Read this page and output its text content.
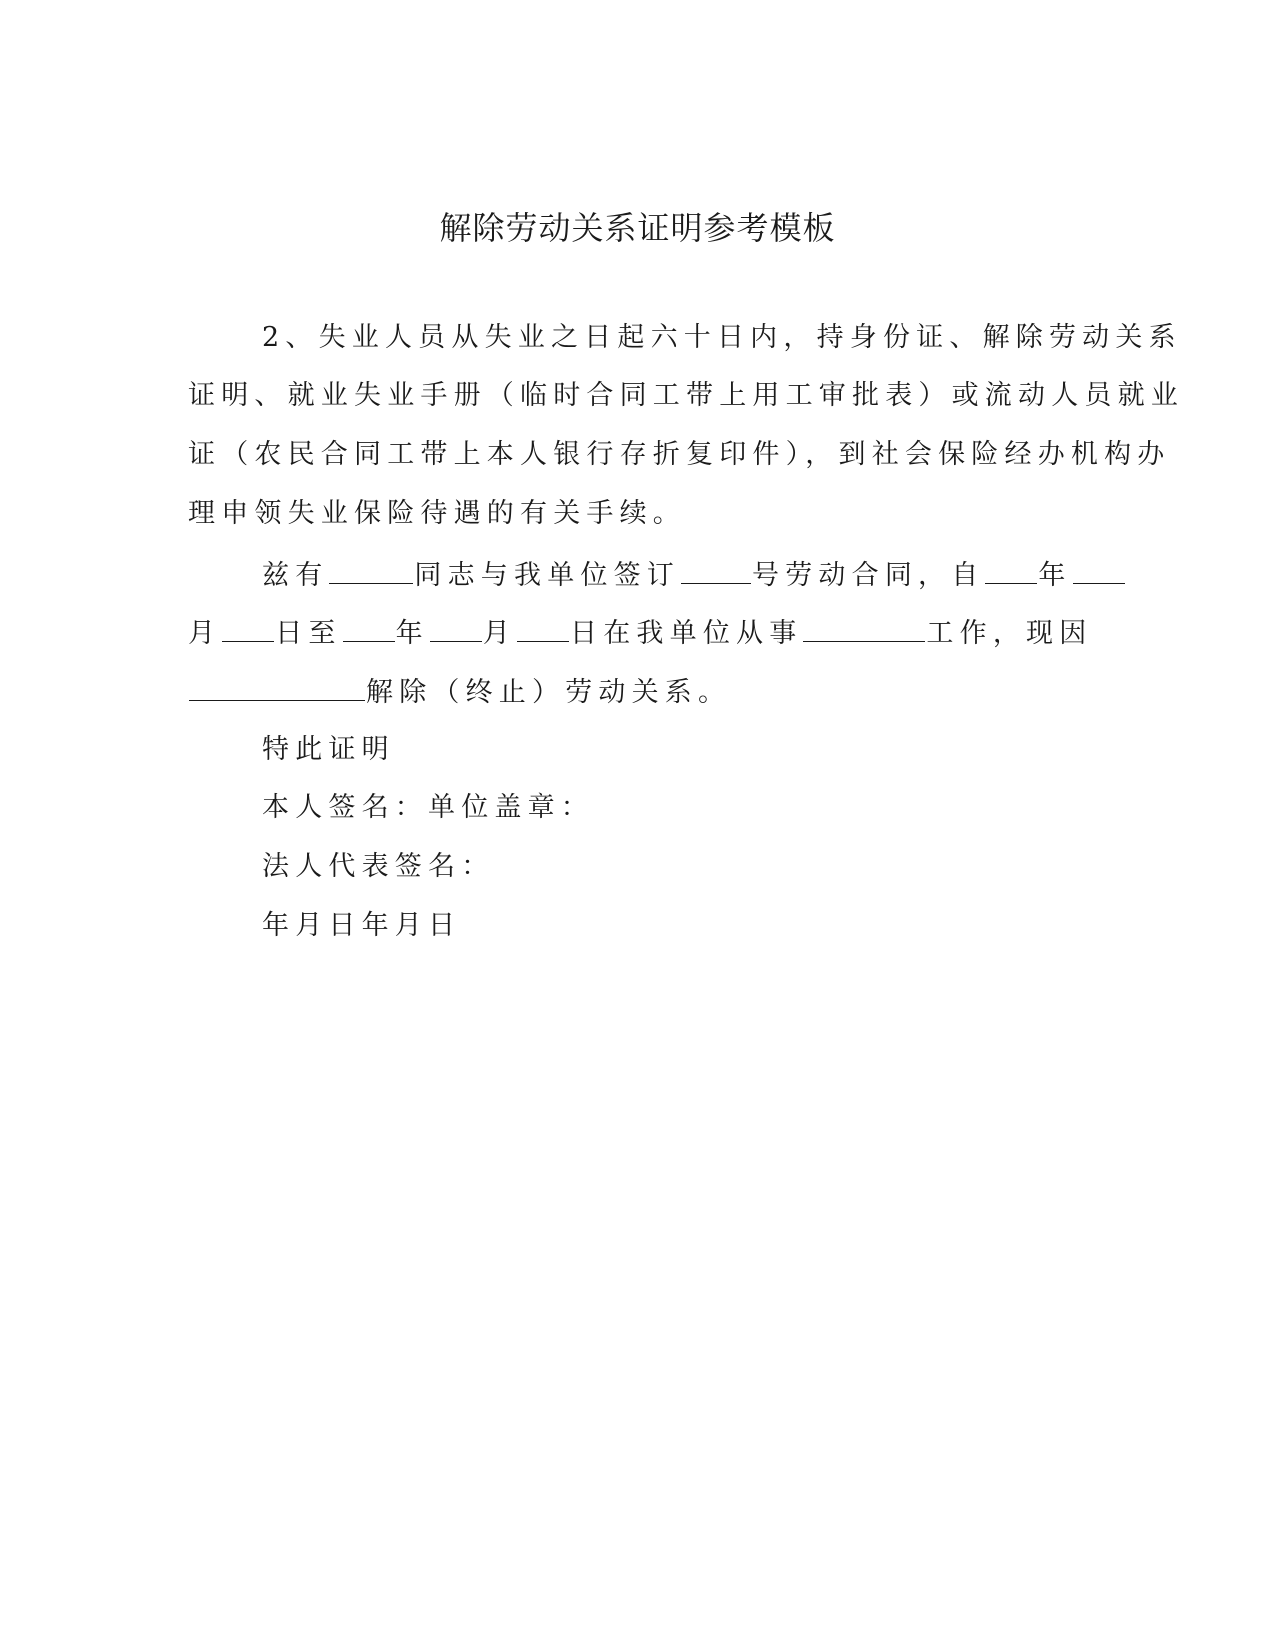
解除劳动关系证明参考模板

2、失业人员从失业之日起六十日内，持身份证、解除劳动关系

证明、就业失业手册（临时合同工带上用工审批表）或流动人员就业

证（农民合同工带上本人银行存折复印件），到社会保险经办机构办

理申领失业保险待遇的有关手续。

兹有	同志与我单位签订	号劳动合同，自 年

月 日至 年 月 日在我单位从事	工作，现因

解除（终止）劳动关系。

特此证明

本人签名：单位盖章：

法人代表签名：

年月日年月日
